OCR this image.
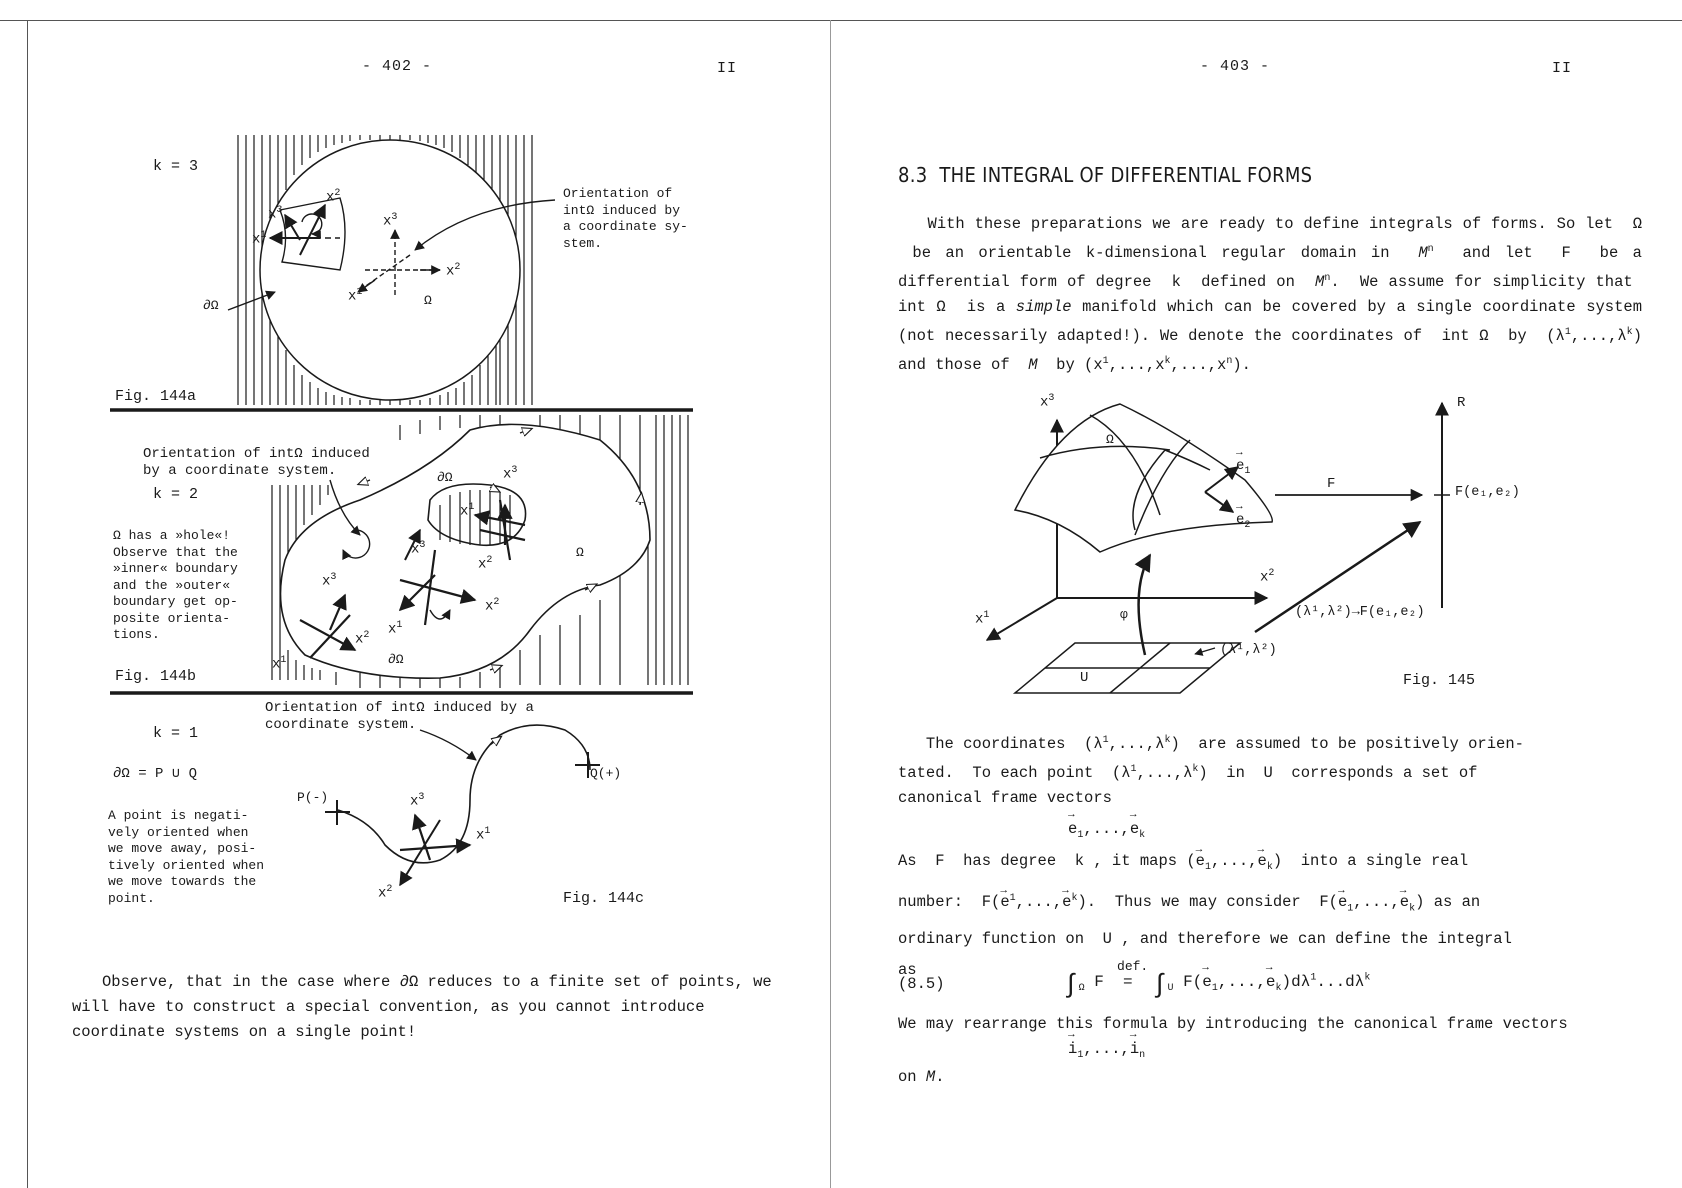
- 402 -	II
k = 3
Orientation of
intΩ induced by
a coordinate sy-
stem.
∂Ω	Ω
$x^1$
$x^3$
$x^2$
$x^3$
$x^2$
$x^1$
Fig. 144a
Orientation of intΩ induced
by a coordinate system.
k = 2
Ω has a »hole«!
Observe that the
»inner« boundary
and the »outer«
boundary get op-
posite orienta-
tions.
∂Ω
∂Ω
Ω
$x^3$
$x^1$
$x^2$
$x^3$
$x^2$
$x^1$
$x^3$
$x^2$
$x^1$
Fig. 144b
Orientation of intΩ induced by a
coordinate system.
k = 1
∂Ω = P ∪ Q
A point is negati-
vely oriented when
we move away, posi-
tively oriented when
we move towards the
point.
P(-)
Q(+)
$x^3$
$x^1$
$x^2$
Fig. 144c
Observe, that in the case where ∂Ω reduces to a finite set of points, we will have to construct a special convention, as you cannot introduce coordinate systems on a single point!
- 403 -	II
8.3  THE INTEGRAL OF DIFFERENTIAL FORMS
With these preparations we are ready to define integrals of forms. So let  Ω  be an orientable k-dimensional regular domain in  $M^n$  and let  F  be a differential form of degree  k  defined on  $M^n$.  We assume for simplicity that  int Ω  is a simple manifold which can be covered by a single coordinate system (not necessarily adapted!). We denote the coordinates of  int Ω  by  $(\lambda^1,...,\lambda^k)$ and those of  M  by $(x^1,...,x^k,...,x^n)$.
$x^3$
$x^2$
$x^1$
Ω
→ $e_1$
→ $e_2$
F
R
F(e₁,e₂)
(λ¹,λ²)→F(e₁,e₂)
(λ¹,λ²)
φ
U	Fig. 145
The coordinates  $(\lambda^1,...,\lambda^k)$  are assumed to be positively orien-
tated.  To each point  $(\lambda^1,...,\lambda^k)$  in  U  corresponds a set of
canonical frame vectors
→ $e_1,...,\to e_k$
As  F  has degree  k , it maps (→ $e_1,...,\to e_k$)  into a single real
number:  $F(\to e^1,...,\to e^k)$.  Thus we may consider  $F(\to e_1,...,\to e_k)$ as an
ordinary function on  U , and therefore we can define the integral
as
(8.5)	$\int_\Omega$ F
def.
=  $\int_U$ $F(\to e_1,...,\to e_k)d\lambda^1...d\lambda^k$
We may rearrange this formula by introducing the canonical frame vectors
→ $i_1,...,\to i_n$
on M.
